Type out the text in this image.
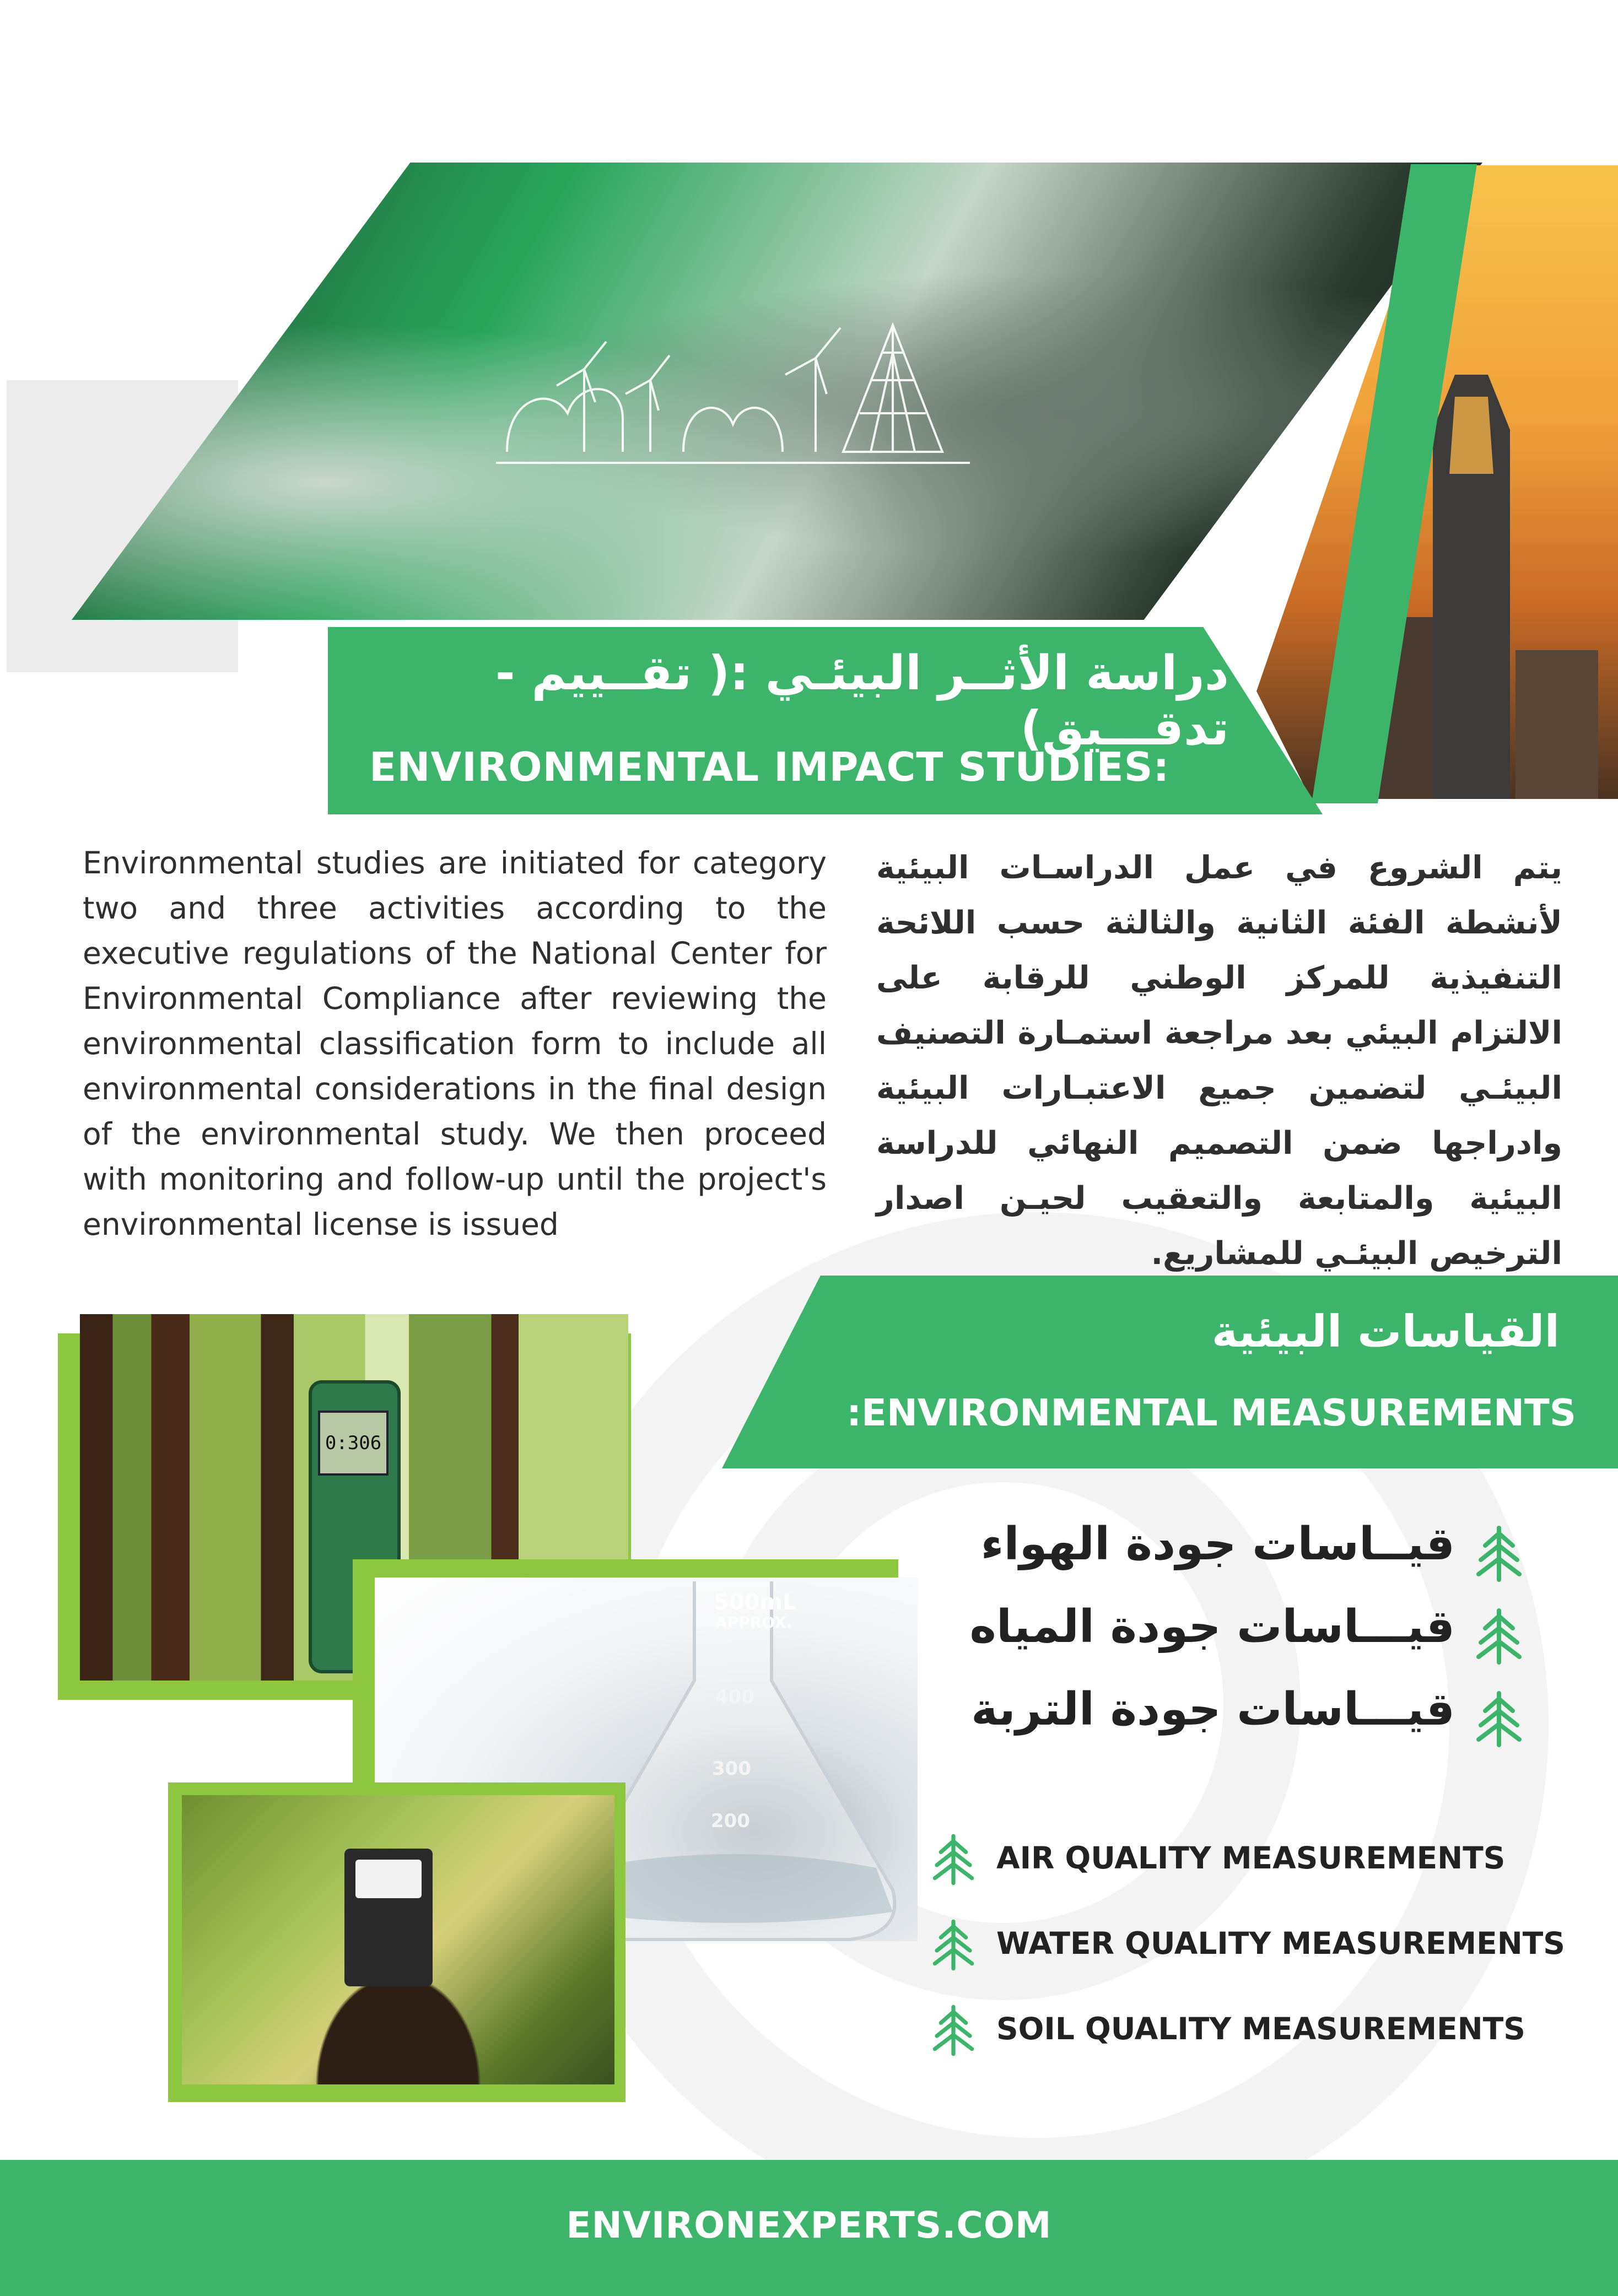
دراسة الأثــر البيئـي :( تقــييم - تدقـــيق)
ENVIRONMENTAL IMPACT STUDIES:
Environmental studies are initiated for category two and three activities according to the executive regulations of the National Center for Environmental Compliance after reviewing the environmental classification form to include all environmental considerations in the final design of the environmental study. We then proceed with monitoring and follow-up until the project's environmental license is issued
يتم الشروع في عمل الدراسـات البيئية لأنشطة الفئة الثانية والثالثة حسب اللائحة التنفيذية للمركز الوطني للرقابة على الالتزام البيئي بعد مراجعة استمـارة التصنيف البيئـي لتضمين جميع الاعتبـارات البيئية وادراجها ضمن التصميم النهائي للدراسة البيئية والمتابعة والتعقيب لحيـن اصدار الترخيص البيئـي للمشاريع.
القياسات البيئية
:ENVIRONMENTAL MEASUREMENTS
0:306
500mL
APPROX.
400
300
200
قيــاسات جودة الهواء
قيـــاسات جودة المياه
قيـــاسات جودة التربة
AIR QUALITY MEASUREMENTS
WATER QUALITY MEASUREMENTS
SOIL QUALITY MEASUREMENTS
ENVIRONEXPERTS.COM
